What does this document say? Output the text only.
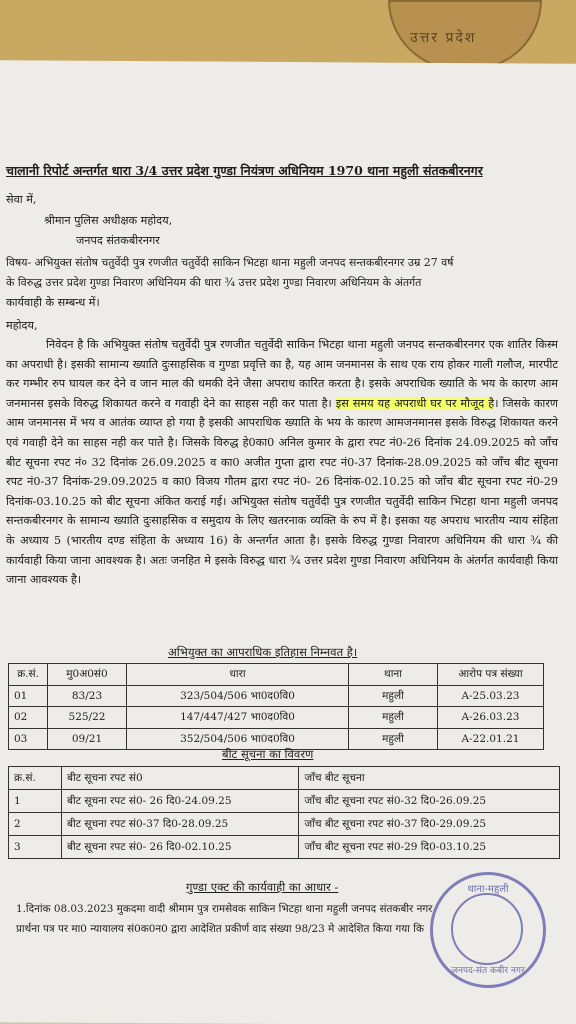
उत्तर प्रदेश
चालानी रिपोर्ट अन्तर्गत धारा 3/4 उत्तर प्रदेश गुण्डा नियंत्रण अधिनियम 1970 थाना महुली संतकबीरनगर
सेवा में,
श्रीमान पुलिस अधीक्षक महोदय,
जनपद संतकबीरनगर
विषय- अभियुक्त संतोष चतुर्वेदी पुत्र रणजीत चतुर्वेदी साकिन भिटहा थाना महुली जनपद सन्तकबीरनगर उम्र 27 वर्ष
के विरुद्ध उत्तर प्रदेश गुण्डा निवारण अधिनियम की धारा ¾ उत्तर प्रदेश गुण्डा निवारण अधिनियम के अंतर्गत
कार्यवाही के सम्बन्ध में।
महोदय,
निवेदन है कि अभियुक्त संतोष चतुर्वेदी पुत्र रणजीत चतुर्वेदी साकिन भिटहा थाना महुली जनपद सन्तकबीरनगर एक शातिर किस्म का अपराधी है। इसकी सामान्य ख्याति दुःसाहसिक व गुण्डा प्रवृत्ति का है, यह आम जनमानस के साथ एक राय होकर गाली गलौज, मारपीट कर गम्भीर रुप घायल कर देने व जान माल की धमकी देने जैसा अपराध कारित करता है। इसके अपराधिक ख्याति के भय के कारण आम जनमानस इसके विरुद्ध शिकायत करने व गवाही देने का साहस नही कर पाता है। इस समय यह अपराधी घर पर मौजूद है। जिसके कारण आम जनमानस में भय व आतंक व्याप्त हो गया है इसकी आपराधिक ख्याति के भय के कारण आमजनमानस इसके विरुद्ध शिकायत करने एवं गवाही देने का साहस नही कर पाते है। जिसके विरुद्ध हे0का0 अनिल कुमार के द्वारा रपट नं0-26 दिनांक 24.09.2025 को जाँच बीट सूचना रपट नं० 32 दिनांक 26.09.2025 व का0 अजीत गुप्ता द्वारा रपट नं0-37 दिनांक-28.09.2025 को जाँच बीट सूचना रपट नं0-37 दिनांक-29.09.2025 व का0 विजय गौतम द्वारा रपट नं0- 26 दिनांक-02.10.25 को जाँच बीट सूचना रपट नं0-29 दिनांक-03.10.25 को बीट सूचना अंकित कराई गई। अभियुक्त संतोष चतुर्वेदी पुत्र रणजीत चतुर्वेदी साकिन भिटहा थाना महुली जनपद सन्तकबीरनगर के सामान्य ख्याति दुःसाहसिक व समुदाय के लिए खतरनाक व्यक्ति के रुप में है। इसका यह अपराध भारतीय न्याय संहिता के अध्याय 5 (भारतीय दण्ड संहिता के अध्याय 16) के अन्तर्गत आता है। इसके विरुद्ध गुण्डा निवारण अधिनियम की धारा ¾ की कार्यवाही किया जाना आवश्यक है। अतः जनहित मे इसके विरुद्ध धारा ¾ उत्तर प्रदेश गुण्डा निवारण अधिनियम के अंतर्गत कार्यवाही किया जाना आवश्यक है।
अभियुक्त का आपराधिक इतिहास निम्नवत है।
क्र.सं.	मु0अ0सं0	धारा	थाना	आरोप पत्र संख्या
01	83/23	323/504/506 भा0द0वि0	महुली	A-25.03.23
02	525/22	147/447/427 भा0द0वि0	महुली	A-26.03.23
03	09/21	352/504/506 भा0द0वि0	महुली	A-22.01.21
बीट सूचना का विवरण
क्र.सं.	बीट सूचना रपट सं0	जाँच बीट सूचना
1	बीट सूचना रपट सं0- 26 दि0-24.09.25	जाँच बीट सूचना रपट सं0-32 दि0-26.09.25
2	बीट सूचना रपट सं0-37 दि0-28.09.25	जाँच बीट सूचना रपट सं0-37 दि0-29.09.25
3	बीट सूचना रपट सं0- 26 दि0-02.10.25	जाँच बीट सूचना रपट सं0-29 दि0-03.10.25
गुण्डा एक्ट की कार्यवाही का आधार -
1.दिनांक 08.03.2023 मुकदमा वादी श्रीमाम पुत्र रामसेवक साकिन भिटहा थाना महुली जनपद संतकबीर नगर
प्रार्थना पत्र पर मा0 न्यायालय सं0क0न0 द्वारा आदेशित प्रकीर्ण वाद संख्या 98/23 मे आदेशित किया गया कि
थाना-महुली
जनपद-संत कबीर नगर
